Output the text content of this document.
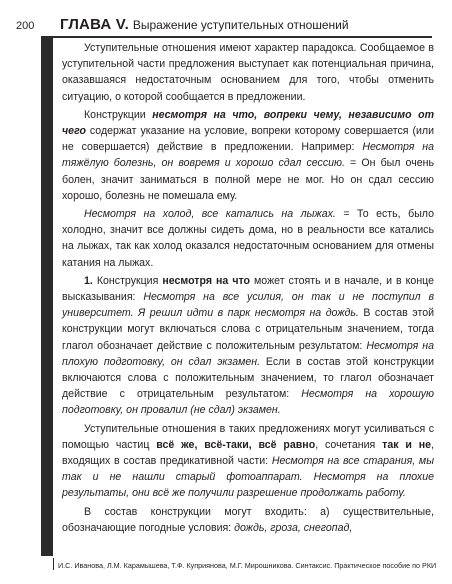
200 ГЛАВА V. Выражение уступительных отношений

Уступительные отношения имеют характер парадокса. Сообщаемое в уступительной части предложения выступает как потенциальная причина, оказавшаяся недостаточным основанием для того, чтобы отменить ситуацию, о которой сообщается в предложении.

Конструкции несмотря на что, вопреки чему, независимо от чего содержат указание на условие, вопреки которому совершается (или не совершается) действие в предложении. Например: Несмотря на тяжёлую болезнь, он вовремя и хорошо сдал сессию. = Он был очень болен, значит заниматься в полной мере не мог. Но он сдал сессию хорошо, болезнь не помешала ему.

Несмотря на холод, все катались на лыжах. = То есть, было холодно, значит все должны сидеть дома, но в реальности все катались на лыжах, так как холод оказался недостаточным основанием для отмены катания на лыжах.

1. Конструкция несмотря на что может стоять и в начале, и в конце высказывания: Несмотря на все усилия, он так и не поступил в университет. Я решил идти в парк несмотря на дождь. В состав этой конструкции могут включаться слова с отрицательным значением, тогда глагол обозначает действие с положительным результатом: Несмотря на плохую подготовку, он сдал экзамен. Если в состав этой конструкции включаются слова с положительным значением, то глагол обозначает действие с отрицательным результатом: Несмотря на хорошую подготовку, он провалил (не сдал) экзамен.

Уступительные отношения в таких предложениях могут усиливаться с помощью частиц всё же, всё-таки, всё равно, сочетания так и не, входящих в состав предикативной части: Несмотря на все старания, мы так и не нашли старый фотоаппарат. Несмотря на плохие результаты, они всё же получили разрешение продолжать работу.

В состав конструкции могут входить: а) существительные, обозначающие погодные условия: дождь, гроза, снегопад,

И.С. Иванова, Л.М. Карамышева, Т.Ф. Куприянова, М.Г. Мирошникова. Синтаксис. Практическое пособие по РКИ
